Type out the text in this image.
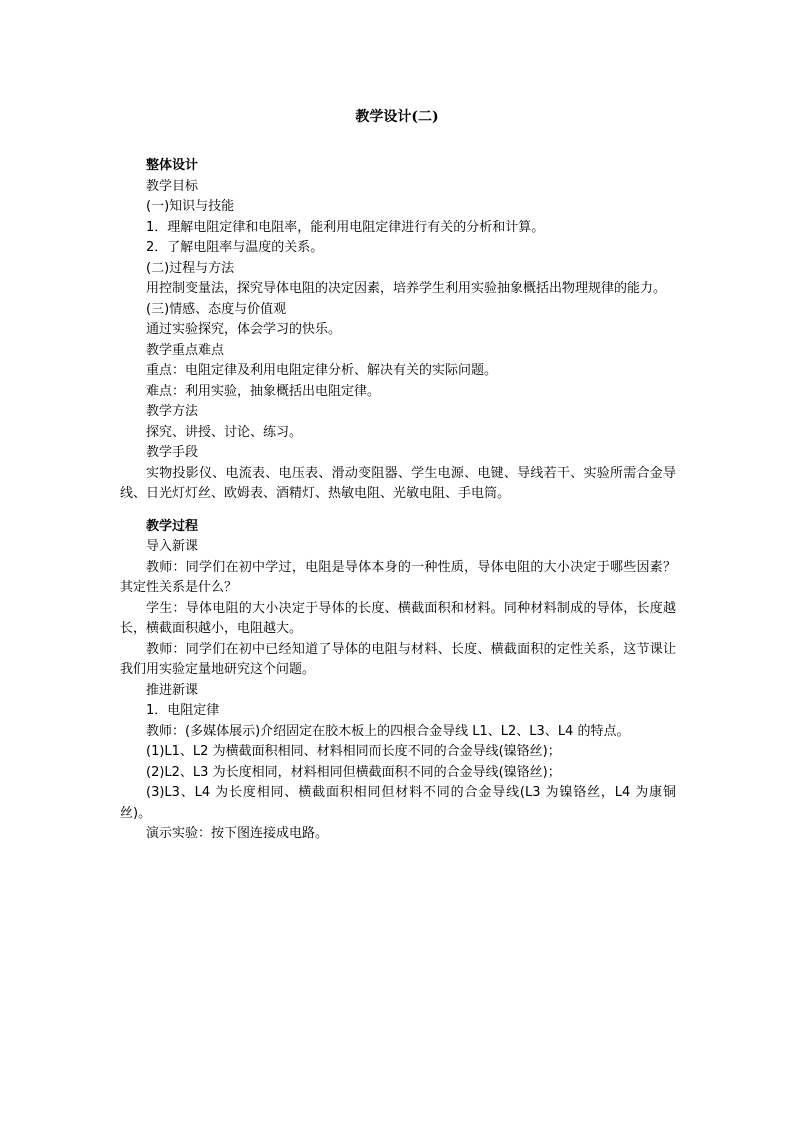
教学设计(二)

整体设计

教学目标

(一)知识与技能

1．理解电阻定律和电阻率，能利用电阻定律进行有关的分析和计算。

2．了解电阻率与温度的关系。

(二)过程与方法

用控制变量法，探究导体电阻的决定因素，培养学生利用实验抽象概括出物理规律的能力。

(三)情感、态度与价值观

通过实验探究，体会学习的快乐。

教学重点难点

重点：电阻定律及利用电阻定律分析、解决有关的实际问题。

难点：利用实验，抽象概括出电阻定律。

教学方法

探究、讲授、讨论、练习。

教学手段

实物投影仪、电流表、电压表、滑动变阻器、学生电源、电键、导线若干、实验所需合金导线、日光灯灯丝、欧姆表、酒精灯、热敏电阻、光敏电阻、手电筒。

教学过程

导入新课

教师：同学们在初中学过，电阻是导体本身的一种性质，导体电阻的大小决定于哪些因素？其定性关系是什么？

学生：导体电阻的大小决定于导体的长度、横截面积和材料。同种材料制成的导体，长度越长，横截面积越小，电阻越大。

教师：同学们在初中已经知道了导体的电阻与材料、长度、横截面积的定性关系，这节课让我们用实验定量地研究这个问题。

推进新课

1．电阻定律

教师：(多媒体展示)介绍固定在胶木板上的四根合金导线 L1、L2、L3、L4 的特点。

(1)L1、L2 为横截面积相同、材料相同而长度不同的合金导线(镍铬丝)；

(2)L2、L3 为长度相同，材料相同但横截面积不同的合金导线(镍铬丝)；

(3)L3、L4 为长度相同、横截面积相同但材料不同的合金导线(L3 为镍铬丝，L4 为康铜丝)。

演示实验：按下图连接成电路。
